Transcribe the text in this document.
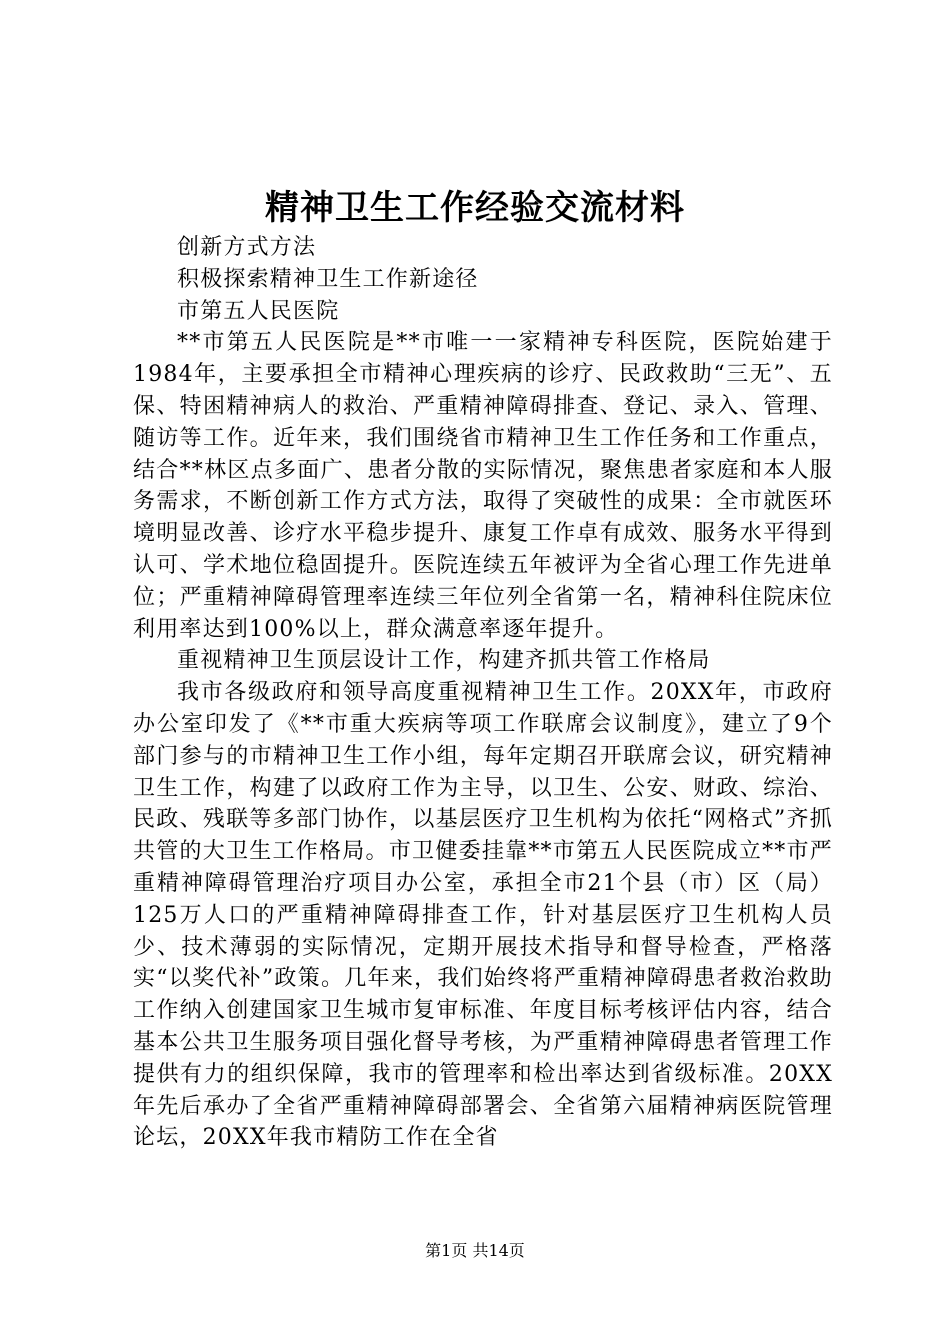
精神卫生工作经验交流材料

创新方式方法

积极探索精神卫生工作新途径

市第五人民医院

**市第五人民医院是**市唯一一家精神专科医院，医院始建于1984年，主要承担全市精神心理疾病的诊疗、民政救助“三无”、五保、特困精神病人的救治、严重精神障碍排查、登记、录入、管理、随访等工作。近年来，我们围绕省市精神卫生工作任务和工作重点，结合**林区点多面广、患者分散的实际情况，聚焦患者家庭和本人服务需求，不断创新工作方式方法，取得了突破性的成果：全市就医环境明显改善、诊疗水平稳步提升、康复工作卓有成效、服务水平得到认可、学术地位稳固提升。医院连续五年被评为全省心理工作先进单位；严重精神障碍管理率连续三年位列全省第一名，精神科住院床位利用率达到100%以上，群众满意率逐年提升。

重视精神卫生顶层设计工作，构建齐抓共管工作格局

我市各级政府和领导高度重视精神卫生工作。20XX年，市政府办公室印发了《**市重大疾病等项工作联席会议制度》，建立了9个部门参与的市精神卫生工作小组，每年定期召开联席会议，研究精神卫生工作，构建了以政府工作为主导，以卫生、公安、财政、综治、民政、残联等多部门协作，以基层医疗卫生机构为依托“网格式”齐抓共管的大卫生工作格局。市卫健委挂靠**市第五人民医院成立**市严重精神障碍管理治疗项目办公室，承担全市21个县（市）区（局）125万人口的严重精神障碍排查工作，针对基层医疗卫生机构人员少、技术薄弱的实际情况，定期开展技术指导和督导检查，严格落实“以奖代补”政策。几年来，我们始终将严重精神障碍患者救治救助工作纳入创建国家卫生城市复审标准、年度目标考核评估内容，结合基本公共卫生服务项目强化督导考核，为严重精神障碍患者管理工作提供有力的组织保障，我市的管理率和检出率达到省级标准。20XX年先后承办了全省严重精神障碍部署会、全省第六届精神病医院管理论坛，20XX年我市精防工作在全省

第1页 共14页
